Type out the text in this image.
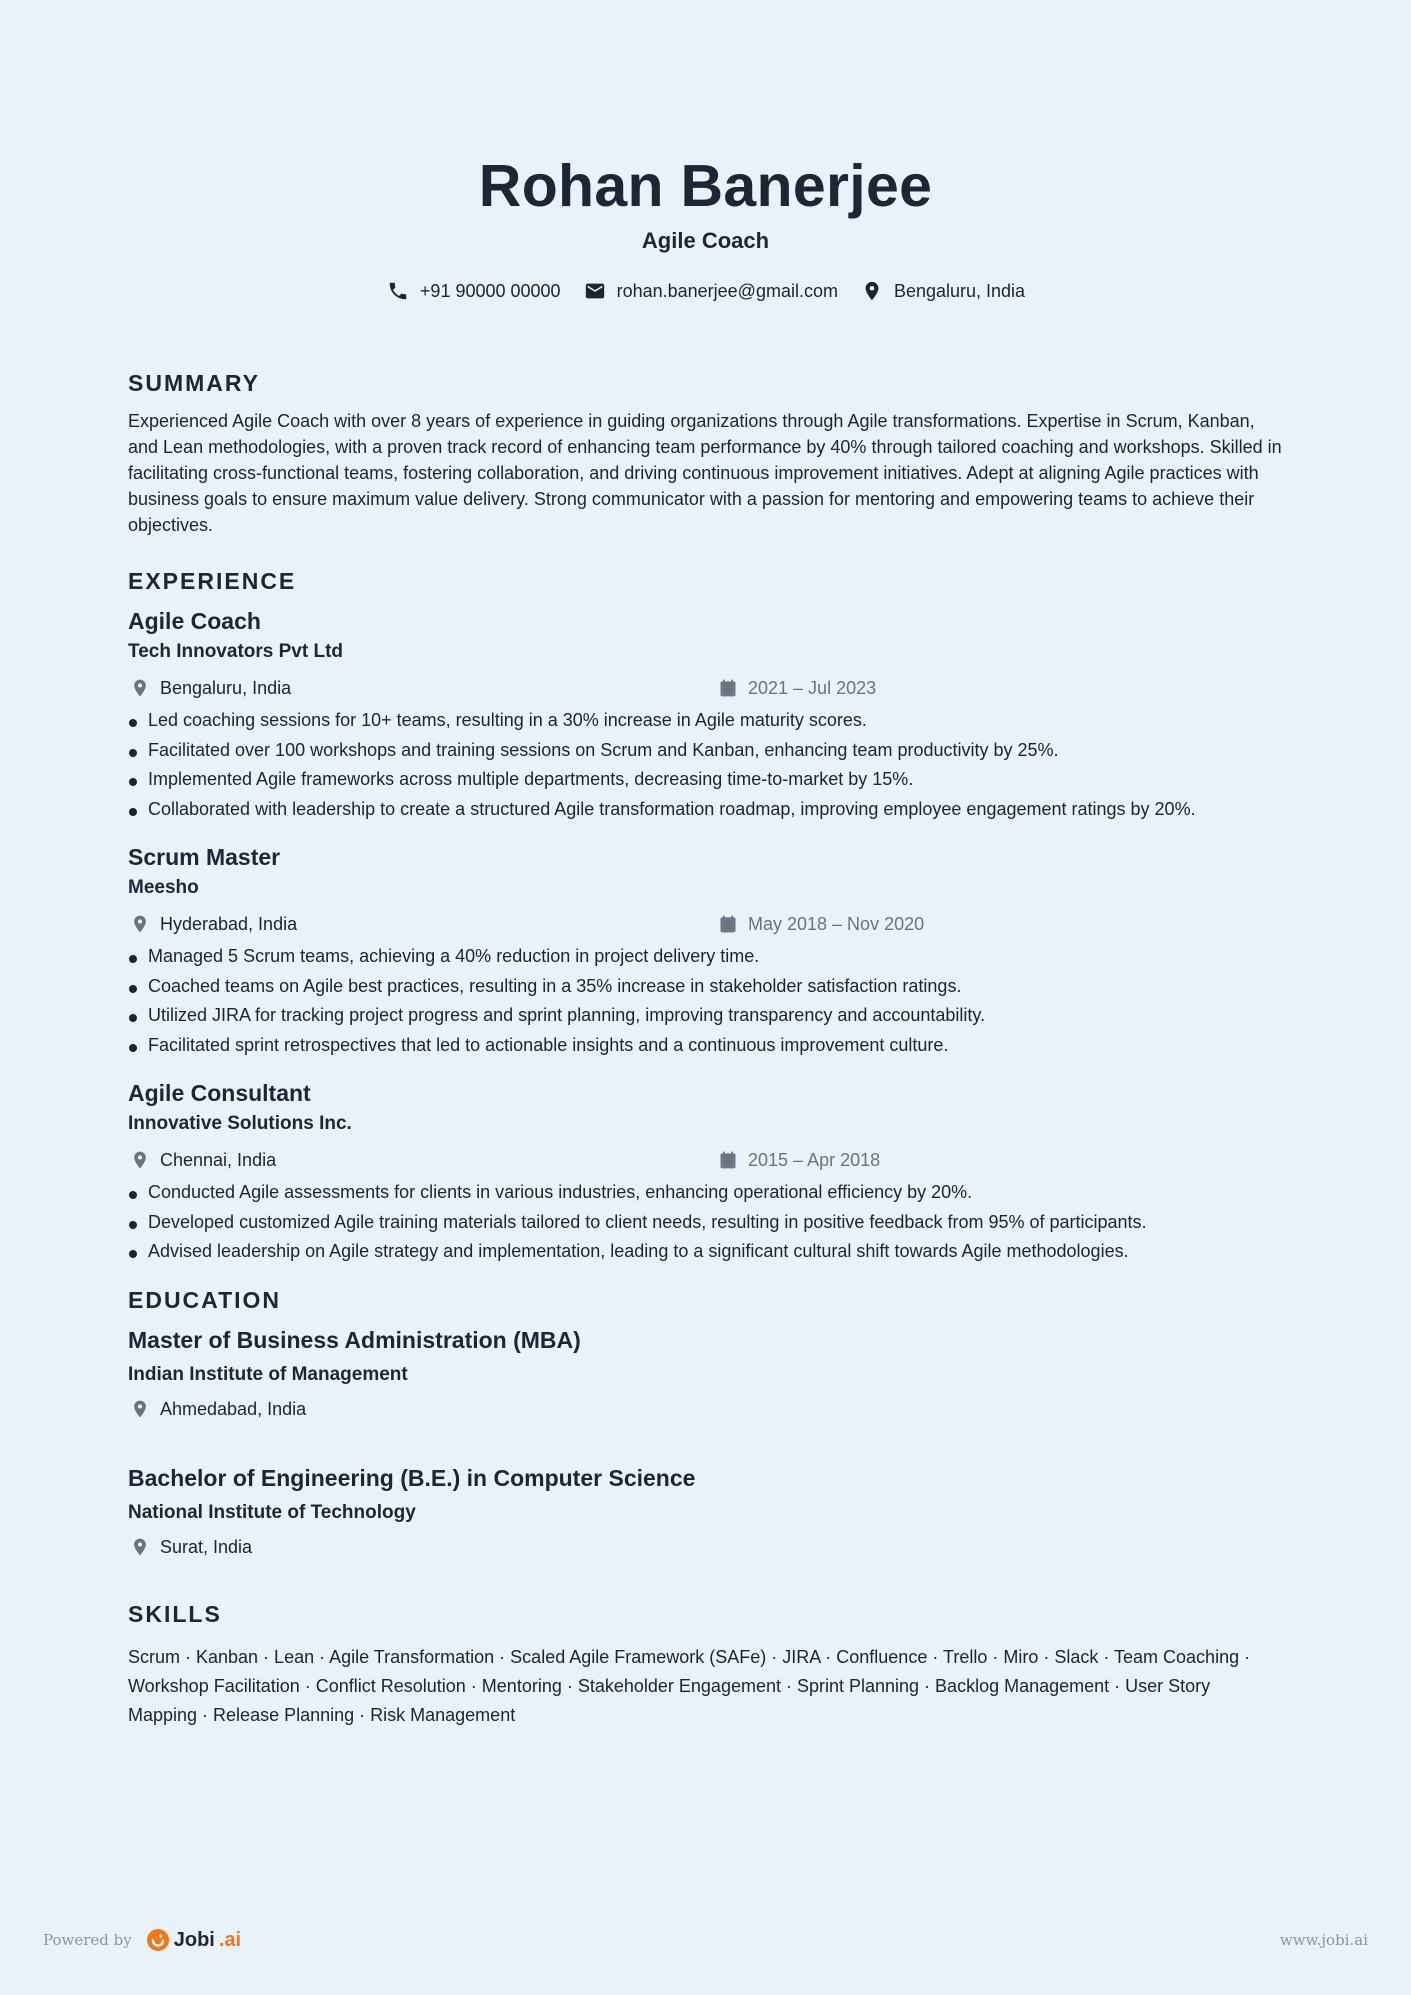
Rohan Banerjee
Agile Coach
+91 90000 00000	rohan.banerjee@gmail.com	Bengaluru, India
SUMMARY
Experienced Agile Coach with over 8 years of experience in guiding organizations through Agile transformations. Expertise in Scrum, Kanban, and Lean methodologies, with a proven track record of enhancing team performance by 40% through tailored coaching and workshops. Skilled in facilitating cross-functional teams, fostering collaboration, and driving continuous improvement initiatives. Adept at aligning Agile practices with business goals to ensure maximum value delivery. Strong communicator with a passion for mentoring and empowering teams to achieve their objectives.
EXPERIENCE
Agile Coach
Tech Innovators Pvt Ltd
Bengaluru, India	2021 – Jul 2023
Led coaching sessions for 10+ teams, resulting in a 30% increase in Agile maturity scores.
Facilitated over 100 workshops and training sessions on Scrum and Kanban, enhancing team productivity by 25%.
Implemented Agile frameworks across multiple departments, decreasing time-to-market by 15%.
Collaborated with leadership to create a structured Agile transformation roadmap, improving employee engagement ratings by 20%.
Scrum Master
Meesho
Hyderabad, India	May 2018 – Nov 2020
Managed 5 Scrum teams, achieving a 40% reduction in project delivery time.
Coached teams on Agile best practices, resulting in a 35% increase in stakeholder satisfaction ratings.
Utilized JIRA for tracking project progress and sprint planning, improving transparency and accountability.
Facilitated sprint retrospectives that led to actionable insights and a continuous improvement culture.
Agile Consultant
Innovative Solutions Inc.
Chennai, India	2015 – Apr 2018
Conducted Agile assessments for clients in various industries, enhancing operational efficiency by 20%.
Developed customized Agile training materials tailored to client needs, resulting in positive feedback from 95% of participants.
Advised leadership on Agile strategy and implementation, leading to a significant cultural shift towards Agile methodologies.
EDUCATION
Master of Business Administration (MBA)
Indian Institute of Management
Ahmedabad, India
Bachelor of Engineering (B.E.) in Computer Science
National Institute of Technology
Surat, India
SKILLS
Scrum · Kanban · Lean · Agile Transformation · Scaled Agile Framework (SAFe) · JIRA · Confluence · Trello · Miro · Slack · Team Coaching · Workshop Facilitation · Conflict Resolution · Mentoring · Stakeholder Engagement · Sprint Planning · Backlog Management · User Story Mapping · Release Planning · Risk Management
Powered by Jobi .ai	www.jobi.ai
